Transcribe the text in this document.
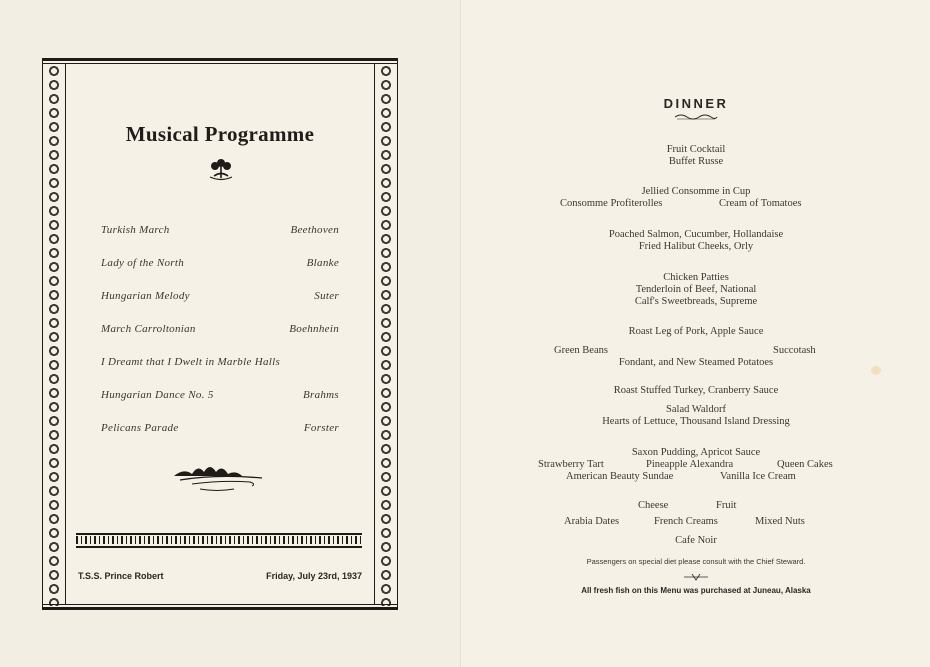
Musical Programme
Turkish March	Beethoven
Lady of the North	Blanke
Hungarian Melody	Suter
March Carroltonian	Boehnhein
I Dreamt that I Dwelt in Marble Halls
Hungarian Dance No. 5	Brahms
Pelicans Parade	Forster
T.S.S. Prince Robert	Friday, July 23rd, 1937
DINNER
Fruit Cocktail
Buffet Russe
Jellied Consomme in Cup
Consomme Profiterolles	Cream of Tomatoes
Poached Salmon, Cucumber, Hollandaise
Fried Halibut Cheeks, Orly
Chicken Patties
Tenderloin of Beef, National
Calf's Sweetbreads, Supreme
Roast Leg of Pork, Apple Sauce
Green Beans	Succotash
Fondant, and New Steamed Potatoes
Roast Stuffed Turkey, Cranberry Sauce
Salad Waldorf
Hearts of Lettuce, Thousand Island Dressing
Saxon Pudding, Apricot Sauce
Strawberry Tart	Pineapple Alexandra	Queen Cakes
American Beauty Sundae	Vanilla Ice Cream
Cheese	Fruit
Arabia Dates	French Creams	Mixed Nuts
Cafe Noir
Passengers on special diet please consult with the Chief Steward.
All fresh fish on this Menu was purchased at Juneau, Alaska
